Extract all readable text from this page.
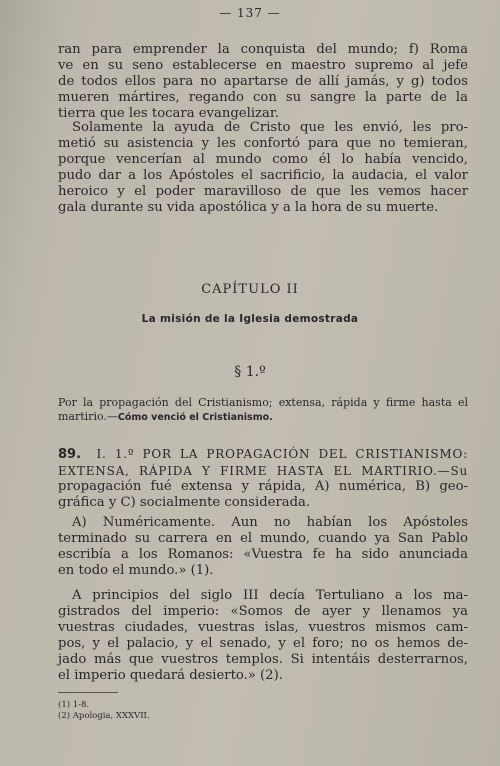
— 137 —
ran para emprender la conquista del mundo; f) Roma
ve en su seno establecerse en maestro supremo al jefe
de todos ellos para no apartarse de allí jamás, y g) todos
mueren mártires, regando con su sangre la parte de la
tierra que les tocara evangelizar.
Solamente la ayuda de Cristo que les envió, les pro-
metió su asistencia y les confortó para que no temieran,
porque vencerían al mundo como él lo había vencido,
pudo dar a los Apóstoles el sacrificio, la audacia, el valor
heroico y el poder maravilloso de que les vemos hacer
gala durante su vida apostólica y a la hora de su muerte.
CAPÍTULO II
La misión de la Iglesia demostrada
§ 1.º
Por la propagación del Cristianismo; extensa, rápida y firme hasta el
martirio.—Cómo venció el Cristianismo.
89. I. 1.º POR LA PROPAGACIÓN DEL CRISTIANISMO:
EXTENSA, RÁPIDA Y FIRME HASTA EL MARTIRIO.—Su
propagación fué extensa y rápida, A) numérica, B) geo-
gráfica y C) socialmente considerada.
A) Numéricamente. Aun no habían los Apóstoles
terminado su carrera en el mundo, cuando ya San Pablo
escribía a los Romanos: «Vuestra fe ha sido anunciada
en todo el mundo.» (1).
A principios del siglo III decía Tertuliano a los ma-
gistrados del imperio: «Somos de ayer y llenamos ya
vuestras ciudades, vuestras islas, vuestros mismos cam-
pos, y el palacio, y el senado, y el foro; no os hemos de-
jado más que vuestros templos. Si intentáis desterrarnos,
el imperio quedará desierto.» (2).
(1) 1-8.
(2) Apologia, XXXVII.
